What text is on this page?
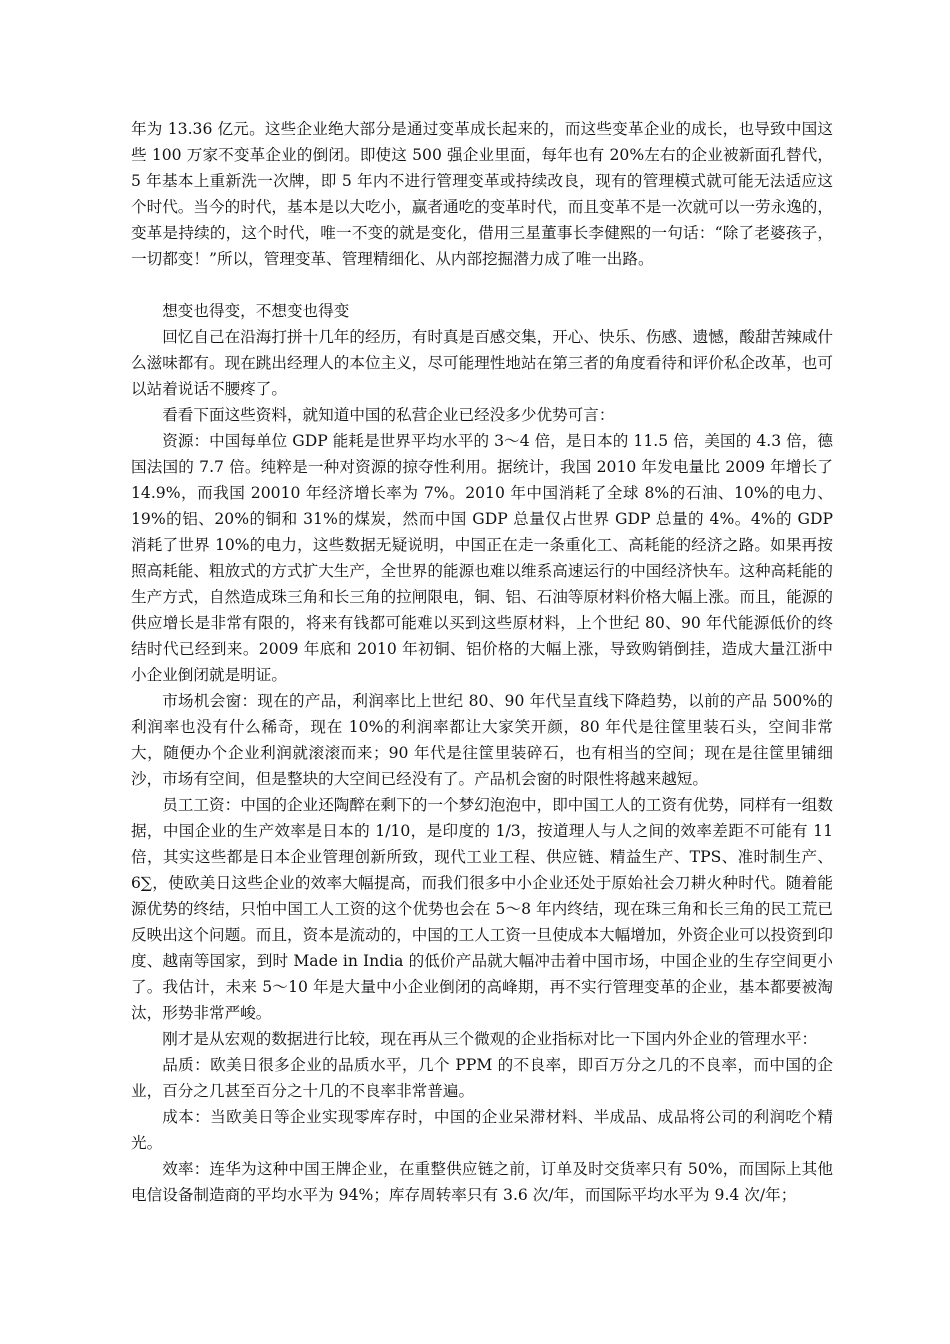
年为 13.36 亿元。这些企业绝大部分是通过变革成长起来的，而这些变革企业的成长，也导致中国这些 100 万家不变革企业的倒闭。即使这 500 强企业里面，每年也有 20%左右的企业被新面孔替代，5 年基本上重新洗一次牌，即 5 年内不进行管理变革或持续改良，现有的管理模式就可能无法适应这个时代。当今的时代，基本是以大吃小，赢者通吃的变革时代，而且变革不是一次就可以一劳永逸的，变革是持续的，这个时代，唯一不变的就是变化，借用三星董事长李健熙的一句话：“除了老婆孩子，一切都变！”所以，管理变革、管理精细化、从内部挖掘潜力成了唯一出路。

想变也得变，不想变也得变

回忆自己在沿海打拼十几年的经历，有时真是百感交集，开心、快乐、伤感、遗憾，酸甜苦辣咸什么滋味都有。现在跳出经理人的本位主义，尽可能理性地站在第三者的角度看待和评价私企改革，也可以站着说话不腰疼了。

看看下面这些资料，就知道中国的私营企业已经没多少优势可言：

资源：中国每单位 GDP 能耗是世界平均水平的 3～4 倍，是日本的 11.5 倍，美国的 4.3 倍，德国法国的 7.7 倍。纯粹是一种对资源的掠夺性利用。据统计，我国 2010 年发电量比 2009 年增长了 14.9%，而我国 20010 年经济增长率为 7%。2010 年中国消耗了全球 8%的石油、10%的电力、19%的铝、20%的铜和 31%的煤炭，然而中国 GDP 总量仅占世界 GDP 总量的 4%。4%的 GDP 消耗了世界 10%的电力，这些数据无疑说明，中国正在走一条重化工、高耗能的经济之路。如果再按照高耗能、粗放式的方式扩大生产，全世界的能源也难以维系高速运行的中国经济快车。这种高耗能的生产方式，自然造成珠三角和长三角的拉闸限电，铜、铝、石油等原材料价格大幅上涨。而且，能源的供应增长是非常有限的，将来有钱都可能难以买到这些原材料，上个世纪 80、90 年代能源低价的终结时代已经到来。2009 年底和 2010 年初铜、铝价格的大幅上涨，导致购销倒挂，造成大量江浙中小企业倒闭就是明证。

市场机会窗：现在的产品，利润率比上世纪 80、90 年代呈直线下降趋势，以前的产品 500%的利润率也没有什么稀奇，现在 10%的利润率都让大家笑开颜，80 年代是往筐里装石头，空间非常大，随便办个企业利润就滚滚而来；90 年代是往筐里装碎石，也有相当的空间；现在是往筐里铺细沙，市场有空间，但是整块的大空间已经没有了。产品机会窗的时限性将越来越短。

员工工资：中国的企业还陶醉在剩下的一个梦幻泡泡中，即中国工人的工资有优势，同样有一组数据，中国企业的生产效率是日本的 1/10，是印度的 1/3，按道理人与人之间的效率差距不可能有 11 倍，其实这些都是日本企业管理创新所致，现代工业工程、供应链、精益生产、TPS、准时制生产、6∑，使欧美日这些企业的效率大幅提高，而我们很多中小企业还处于原始社会刀耕火种时代。随着能源优势的终结，只怕中国工人工资的这个优势也会在 5～8 年内终结，现在珠三角和长三角的民工荒已反映出这个问题。而且，资本是流动的，中国的工人工资一旦使成本大幅增加，外资企业可以投资到印度、越南等国家，到时 Made in India 的低价产品就大幅冲击着中国市场，中国企业的生存空间更小了。我估计，未来 5～10 年是大量中小企业倒闭的高峰期，再不实行管理变革的企业，基本都要被淘汰，形势非常严峻。

刚才是从宏观的数据进行比较，现在再从三个微观的企业指标对比一下国内外企业的管理水平：

品质：欧美日很多企业的品质水平，几个 PPM 的不良率，即百万分之几的不良率，而中国的企业，百分之几甚至百分之十几的不良率非常普遍。

成本：当欧美日等企业实现零库存时，中国的企业呆滞材料、半成品、成品将公司的利润吃个精光。

效率：连华为这种中国王牌企业，在重整供应链之前，订单及时交货率只有 50%，而国际上其他电信设备制造商的平均水平为 94%；库存周转率只有 3.6 次/年，而国际平均水平为 9.4 次/年；
